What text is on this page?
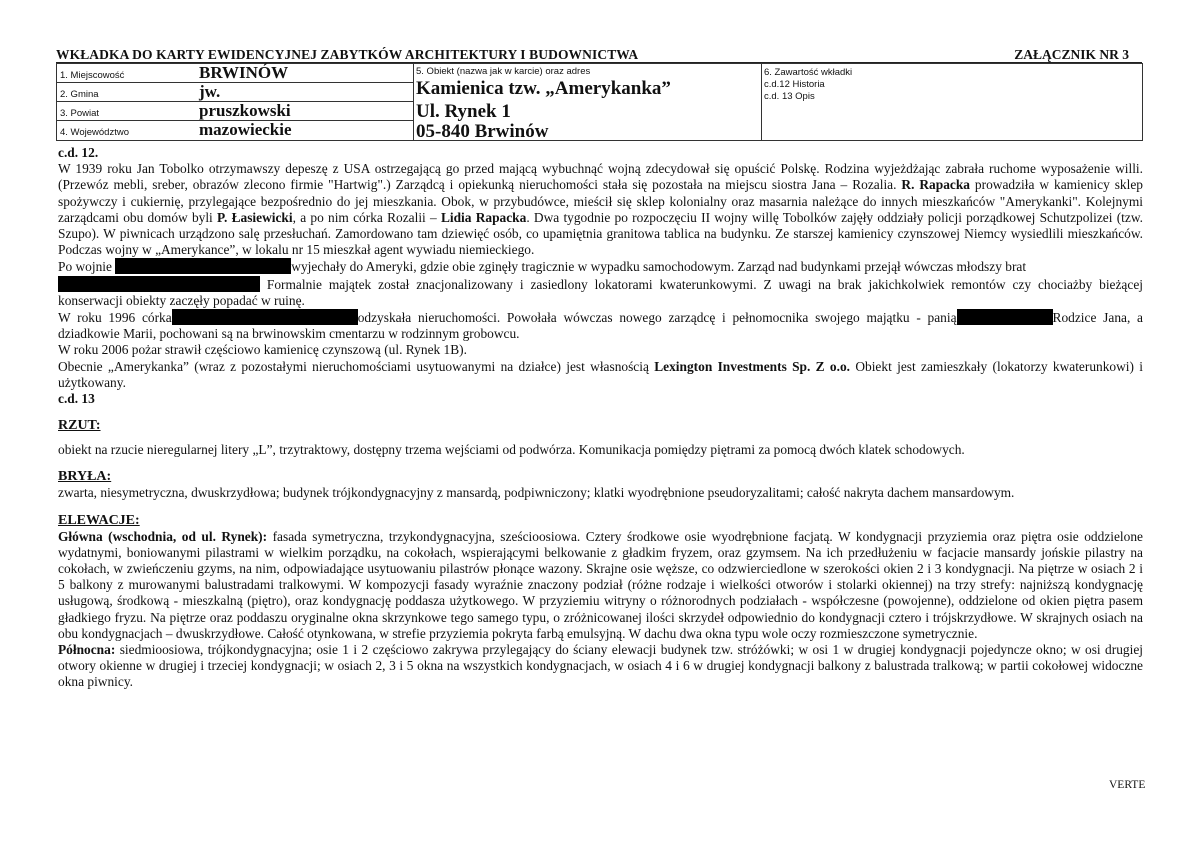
WKŁADKA DO KARTY EWIDENCYJNEJ ZABYTKÓW ARCHITEKTURY I BUDOWNICTWA	ZAŁĄCZNIK NR 3
1. Miejscowość	BRWINÓW
2. Gmina	jw.
3. Powiat	pruszkowski
4. Województwo	mazowieckie

5. Obiekt (nazwa jak w karcie) oraz adres
Kamienica tzw. „Amerykanka”
Ul. Rynek 1
05-840 Brwinów

6. Zawartość wkładki
c.d.12 Historia
c.d. 13 Opis

c.d. 12.

W 1939 roku Jan Tobolko otrzymawszy depeszę z USA ostrzegającą go przed mającą wybuchnąć wojną zdecydował się opuścić Polskę. Rodzina wyjeżdżając zabrała ruchome wyposażenie willi. (Przewóz mebli, sreber, obrazów zlecono firmie "Hartwig".) Zarządcą i opiekunką nieruchomości stała się pozostała na miejscu siostra Jana – Rozalia. R. Rapacka prowadziła w kamienicy sklep spożywczy i cukiernię, przylegające bezpośrednio do jej mieszkania. Obok, w przybudówce, mieścił się sklep kolonialny oraz masarnia należące do innych mieszkańców "Amerykanki". Kolejnymi zarządcami obu domów byli P. Łasiewicki, a po nim córka Rozalii – Lidia Rapacka. Dwa tygodnie po rozpoczęciu II wojny willę Tobolków zajęły oddziały policji porządkowej Schutzpolizei (tzw. Szupo). W piwnicach urządzono salę przesłuchań. Zamordowano tam dziewięć osób, co upamiętnia granitowa tablica na budynku. Ze starszej kamienicy czynszowej Niemcy wysiedlili mieszkańców. Podczas wojny w „Amerykance”, w lokalu nr 15 mieszkał agent wywiadu niemieckiego.

Po wojnie	wyjechały do Ameryki, gdzie obie zginęły tragicznie w wypadku samochodowym. Zarząd nad budynkami przejął wówczas młodszy brat
Formalnie majątek został znacjonalizowany i zasiedlony lokatorami kwaterunkowymi. Z uwagi na brak jakichkolwiek remontów czy chociażby bieżącej konserwacji obiekty zaczęły popadać w ruinę.

W roku 1996 córka	odzyskała nieruchomości. Powołała wówczas nowego zarządcę i pełnomocnika swojego majątku - panią	Rodzice Jana, a dziadkowie Marii, pochowani są na brwinowskim cmentarzu w rodzinnym grobowcu.

W roku 2006 pożar strawił częściowo kamienicę czynszową (ul. Rynek 1B).

Obecnie „Amerykanka” (wraz z pozostałymi nieruchomościami usytuowanymi na działce) jest własnością Lexington Investments Sp. Z o.o. Obiekt jest zamieszkały (lokatorzy kwaterunkowi) i użytkowany.

c.d. 13

RZUT:

obiekt na rzucie nieregularnej litery „L”, trzytraktowy, dostępny trzema wejściami od podwórza. Komunikacja pomiędzy piętrami za pomocą dwóch klatek schodowych.

BRYŁA:

zwarta, niesymetryczna, dwuskrzydłowa; budynek trójkondygnacyjny z mansardą, podpiwniczony; klatki wyodrębnione pseudoryzalitami; całość nakryta dachem mansardowym.

ELEWACJE:

Główna (wschodnia, od ul. Rynek): fasada symetryczna, trzykondygnacyjna, sześcioosiowa. Cztery środkowe osie wyodrębnione facjatą. W kondygnacji przyziemia oraz piętra osie oddzielone wydatnymi, boniowanymi pilastrami w wielkim porządku, na cokołach, wspierającymi belkowanie z gładkim fryzem, oraz gzymsem. Na ich przedłużeniu w facjacie mansardy jońskie pilastry na cokołach, w zwieńczeniu gzyms, na nim, odpowiadające usytuowaniu pilastrów płonące wazony. Skrajne osie węższe, co odzwierciedlone w szerokości okien 2 i 3 kondygnacji. Na piętrze w osiach 2 i 5 balkony z murowanymi balustradami tralkowymi. W kompozycji fasady wyraźnie znaczony podział (różne rodzaje i wielkości otworów i stolarki okiennej) na trzy strefy: najniższą kondygnację usługową, środkową - mieszkalną (piętro), oraz kondygnację poddasza użytkowego. W przyziemiu witryny o różnorodnych podziałach - współczesne (powojenne), oddzielone od okien piętra pasem gładkiego fryzu. Na piętrze oraz poddaszu oryginalne okna skrzynkowe tego samego typu, o zróżnicowanej ilości skrzydeł odpowiednio do kondygnacji cztero i trójskrzydłowe. W skrajnych osiach na obu kondygnacjach – dwuskrzydłowe. Całość otynkowana, w strefie przyziemia pokryta farbą emulsyjną. W dachu dwa okna typu wole oczy rozmieszczone symetrycznie.

Północna: siedmioosiowa, trójkondygnacyjna; osie 1 i 2 częściowo zakrywa przylegający do ściany elewacji budynek tzw. stróżówki; w osi 1 w drugiej kondygnacji pojedyncze okno; w osi drugiej otwory okienne w drugiej i trzeciej kondygnacji; w osiach 2, 3 i 5 okna na wszystkich kondygnacjach, w osiach 4 i 6 w drugiej kondygnacji balkony z balustrada tralkową; w partii cokołowej widoczne okna piwnicy.

VERTE
